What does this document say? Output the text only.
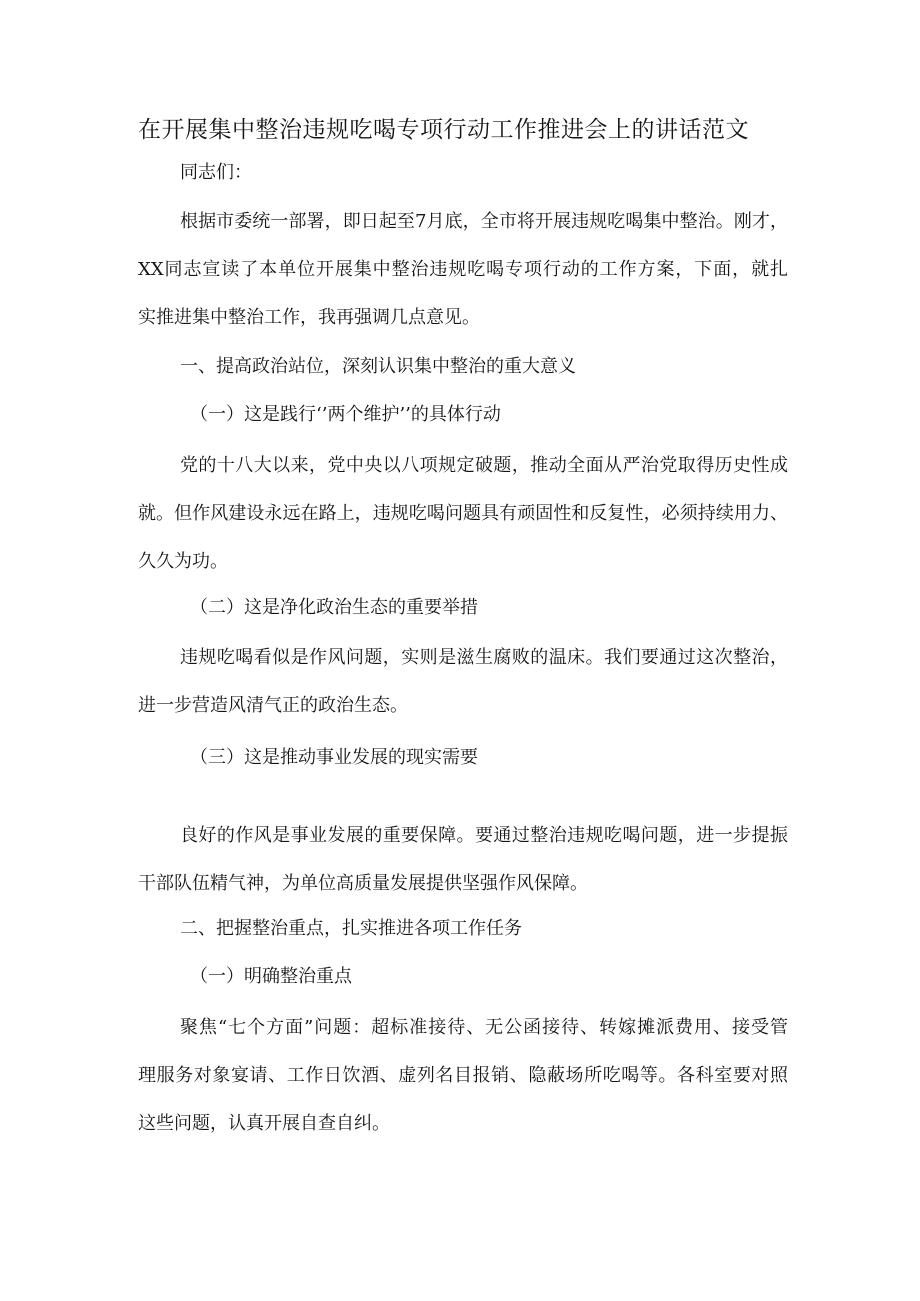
在开展集中整治违规吃喝专项行动工作推进会上的讲话范文

同志们：

根据市委统一部署，即日起至7月底，全市将开展违规吃喝集中整治。刚才，
XX同志宣读了本单位开展集中整治违规吃喝专项行动的工作方案，下面，就扎
实推进集中整治工作，我再强调几点意见。

一、提高政治站位，深刻认识集中整治的重大意义

（一）这是践行‘’两个维护’’的具体行动

党的十八大以来，党中央以八项规定破题，推动全面从严治党取得历史性成
就。但作风建设永远在路上，违规吃喝问题具有顽固性和反复性，必须持续用力、
久久为功。

（二）这是净化政治生态的重要举措

违规吃喝看似是作风问题，实则是滋生腐败的温床。我们要通过这次整治，
进一步营造风清气正的政治生态。

（三）这是推动事业发展的现实需要

良好的作风是事业发展的重要保障。要通过整治违规吃喝问题，进一步提振
干部队伍精气神，为单位高质量发展提供坚强作风保障。

二、把握整治重点，扎实推进各项工作任务

（一）明确整治重点

聚焦“七个方面”问题：超标准接待、无公函接待、转嫁摊派费用、接受管
理服务对象宴请、工作日饮酒、虚列名目报销、隐蔽场所吃喝等。各科室要对照
这些问题，认真开展自查自纠。
